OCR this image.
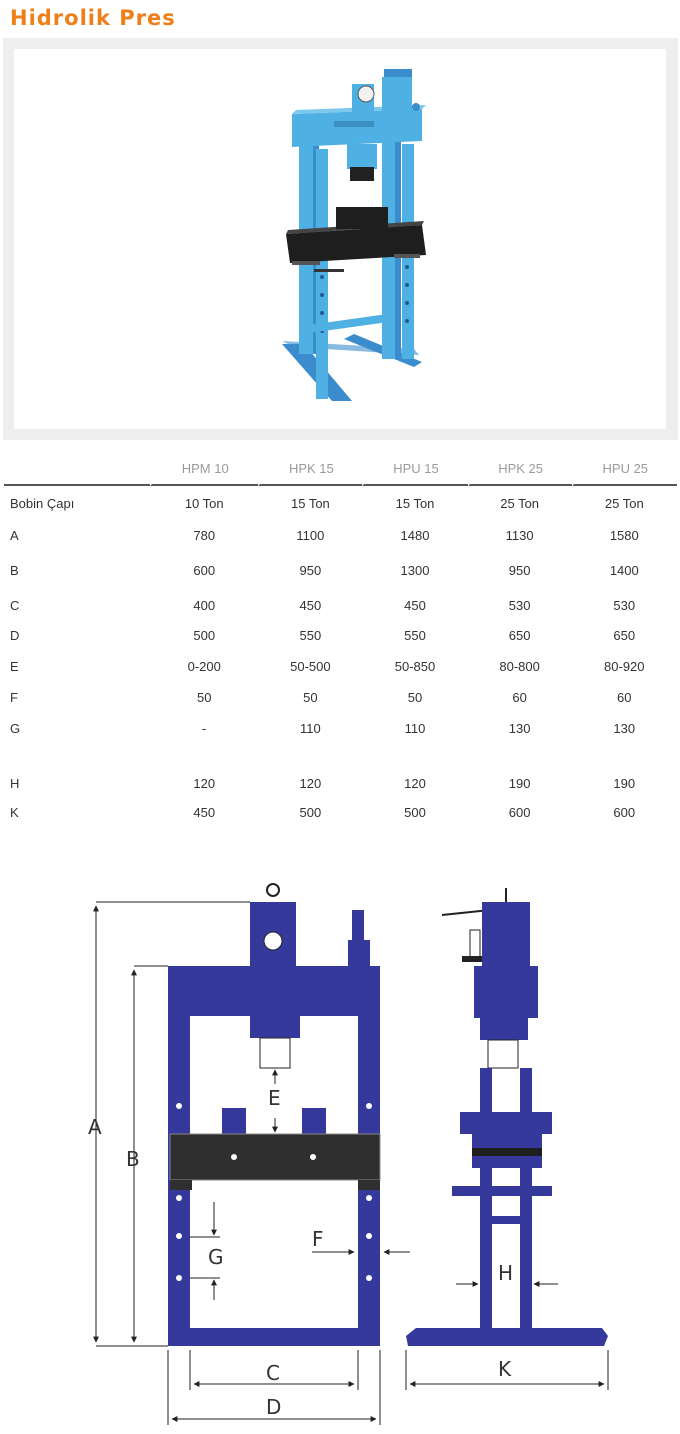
Hidrolik Pres
	HPM 10	HPK 15	HPU 15	HPK 25	HPU 25
Bobin Çapı	10 Ton	15 Ton	15 Ton	25 Ton	25 Ton
A	780	1100	1480	1130	1580
B	600	950	1300	950	1400
C	400	450	450	530	530
D	500	550	550	650	650
E	0-200	50-500	50-850	80-800	80-920
F	50	50	50	60	60
G	-	110	110	130	130
H	120	120	120	190	190
K	450	500	500	600	600
A
B
C
D
E
F
G
H
K
